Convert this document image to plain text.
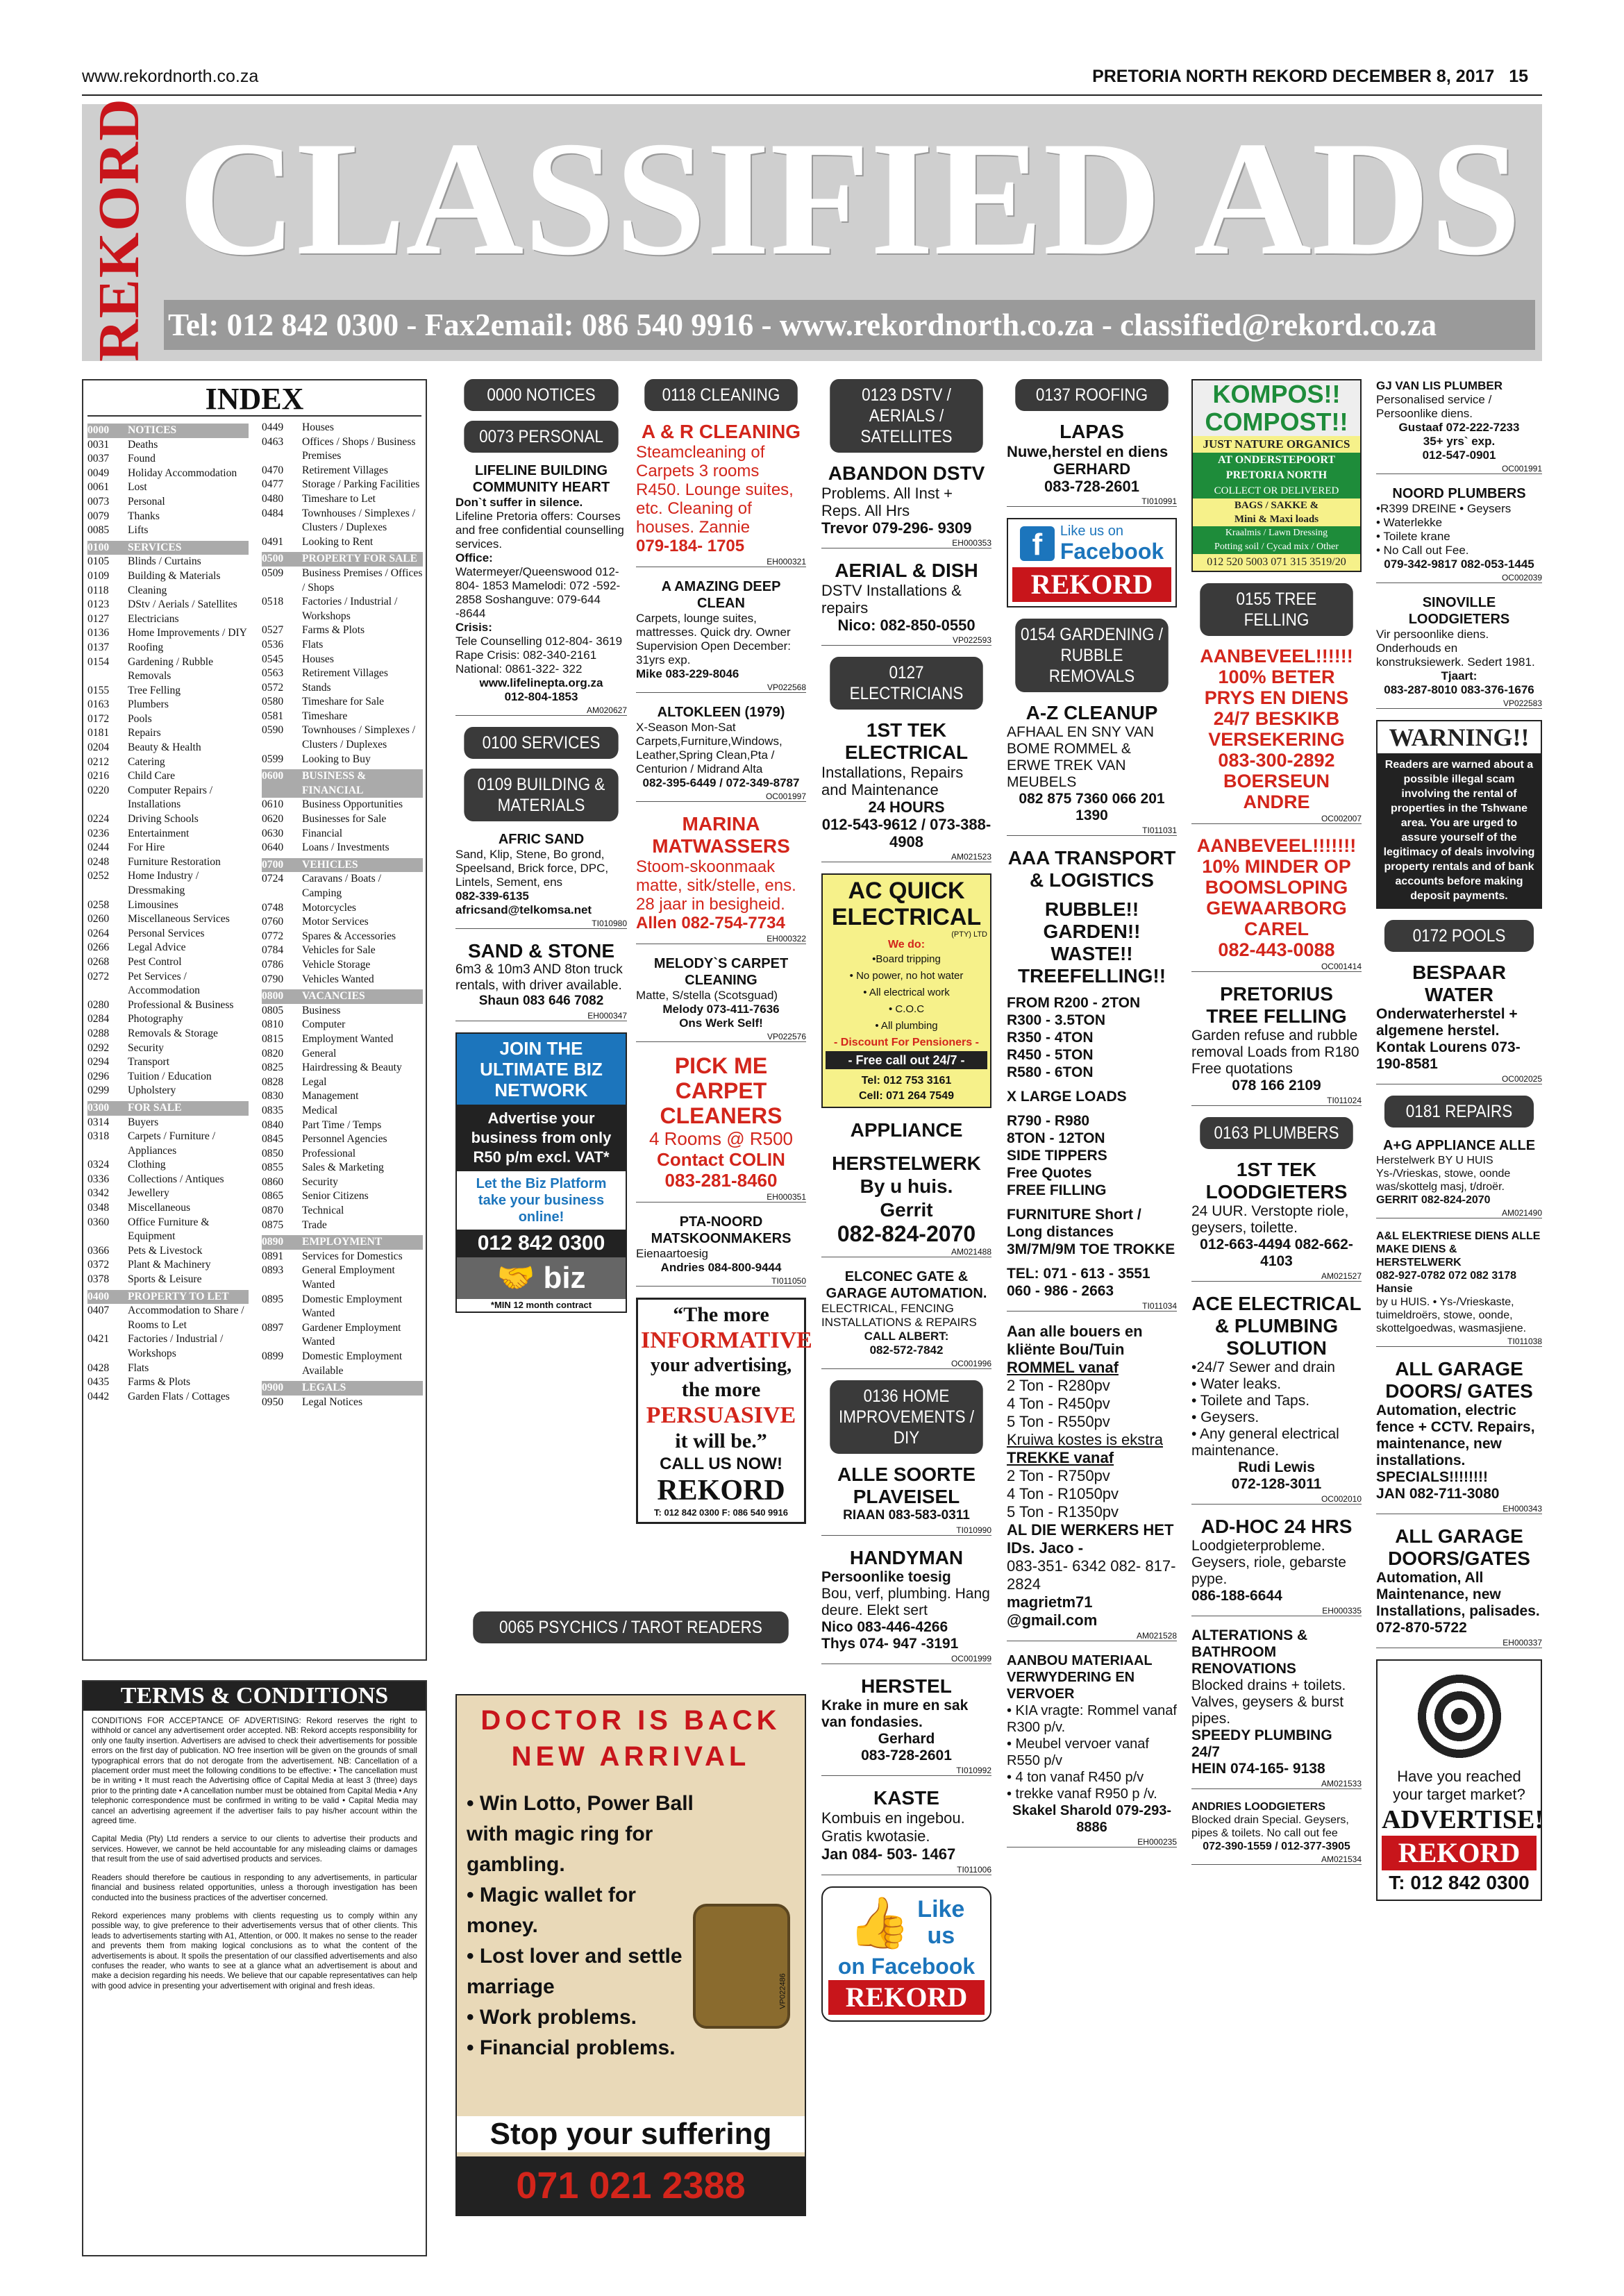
www.rekordnorth.co.za	PRETORIA NORTH REKORD DECEMBER 8, 2017 15
REKORD CLASSIFIED ADS
Tel: 012 842 0300 - Fax2email: 086 540 9916 - www.rekordnorth.co.za - classified@rekord.co.za
INDEX
0000	NOTICES
0031	Deaths
0037	Found
0049	Holiday Accommodation
0061	Lost
0073	Personal
0079	Thanks
0085	Lifts
0100	SERVICES
0105	Blinds / Curtains
0109	Building & Materials
0118	Cleaning
0123	DStv / Aerials / Satellites
0127	Electricians
0136	Home Improvements / DIY
0137	Roofing
0154	Gardening / Rubble Removals
0155	Tree Felling
0163	Plumbers
0172	Pools
0181	Repairs
0204	Beauty & Health
0212	Catering
0216	Child Care
0220	Computer Repairs / Installations
0224	Driving Schools
0236	Entertainment
0244	For Hire
0248	Furniture Restoration
0252	Home Industry / Dressmaking
0258	Limousines
0260	Miscellaneous Services
0264	Personal Services
0266	Legal Advice
0268	Pest Control
0272	Pet Services / Accommodation
0280	Professional & Business
0284	Photography
0288	Removals & Storage
0292	Security
0294	Transport
0296	Tuition / Education
0299	Upholstery
0300	FOR SALE
0314	Buyers
0318	Carpets / Furniture / Appliances
0324	Clothing
0336	Collections / Antiques
0342	Jewellery
0348	Miscellaneous
0360	Office Furniture & Equipment
0366	Pets & Livestock
0372	Plant & Machinery
0378	Sports & Leisure
0400	PROPERTY TO LET
0407	Accommodation to Share / Rooms to Let
0421	Factories / Industrial / Workshops
0428	Flats
0435	Farms & Plots
0442	Garden Flats / Cottages
0449	Houses
0463	Offices / Shops / Business Premises
0470	Retirement Villages
0477	Storage / Parking Facilities
0480	Timeshare to Let
0484	Townhouses / Simplexes / Clusters / Duplexes
0491	Looking to Rent
0500	PROPERTY FOR SALE
0509	Business Premises / Offices / Shops
0518	Factories / Industrial / Workshops
0527	Farms & Plots
0536	Flats
0545	Houses
0563	Retirement Villages
0572	Stands
0580	Timeshare for Sale
0581	Timeshare
0590	Townhouses / Simplexes / Clusters / Duplexes
0599	Looking to Buy
0600	BUSINESS & FINANCIAL
0610	Business Opportunities
0620	Businesses for Sale
0630	Financial
0640	Loans / Investments
0700	VEHICLES
0724	Caravans / Boats / Camping
0748	Motorcycles
0760	Motor Services
0772	Spares & Accessories
0784	Vehicles for Sale
0786	Vehicle Storage
0790	Vehicles Wanted
0800	VACANCIES
0805	Business
0810	Computer
0815	Employment Wanted
0820	General
0825	Hairdressing & Beauty
0828	Legal
0830	Management
0835	Medical
0840	Part Time / Temps
0845	Personnel Agencies
0850	Professional
0855	Sales & Marketing
0860	Security
0865	Senior Citizens
0870	Technical
0875	Trade
0890	EMPLOYMENT
0891	Services for Domestics
0893	General Employment Wanted
0895	Domestic Employment Wanted
0897	Gardener Employment Wanted
0899	Domestic Employment Available
0900	LEGALS
0950	Legal Notices
TERMS & CONDITIONS

CONDITIONS FOR ACCEPTANCE OF ADVERTISING: Rekord reserves the right to withhold or cancel any advertisement order accepted. NB: Rekord accepts responsibility for only one faulty insertion. Advertisers are advised to check their advertisements for possible errors on the first day of publication. NO free insertion will be given on the grounds of small typographical errors that do not derogate from the advertisement. NB: Cancellation of a placement order must meet the following conditions to be effective: • The cancellation must be in writing • It must reach the Advertising office of Capital Media at least 3 (three) days prior to the printing date • A cancellation number must be obtained from Capital Media • Any telephonic correspondence must be confirmed in writing to be valid • Capital Media may cancel an advertising agreement if the advertiser fails to pay his/her account within the agreed time.

Capital Media (Pty) Ltd renders a service to our clients to advertise their products and services. However, we cannot be held accountable for any misleading claims or damages that result from the use of said advertised products and services.

Readers should therefore be cautious in responding to any advertisements, in particular financial and business related opportunities, unless a thorough investigation has been conducted into the business practices of the advertiser concerned.

Rekord experiences many problems with clients requesting us to comply within any possible way, to give preference to their advertisements versus that of other clients. This leads to advertisements starting with A1, Attention, or 000. It makes no sense to the reader and prevents them from making logical conclusions as to what the content of the advertisements is about. It spoils the presentation of our classified advertisements and also confuses the reader, who wants to see at a glance what an advertisement is about and make a decision regarding his needs. We believe that our capable representatives can help with good advice in presenting your advertisement with original and fresh ideas.

0000 NOTICES
0073 PERSONAL
LIFELINE BUILDING COMMUNITY HEART
Don`t suffer in silence.
Lifeline Pretoria offers: Courses and free confidential counselling services.
Office:
Watermeyer/Queenswood 012-804- 1853 Mamelodi: 072 -592-2858 Soshanguve: 079-644 -8644
Crisis:
Tele Counselling 012-804- 3619 Rape Crisis: 082-340-2161 National: 0861-322- 322
www.lifelinepta.org.za
012-804-1853
AM020627
0100 SERVICES
0109 BUILDING & MATERIALS
AFRIC SAND
Sand, Klip, Stene, Bo grond, Speelsand, Brick force, DPC, Lintels, Sement, ens
082-339-6135
africsand@telkomsa.net
TI010980
SAND & STONE
6m3 & 10m3 AND 8ton truck rentals, with driver available.
Shaun 083 646 7082
EH000347
JOIN THE ULTIMATE BIZ NETWORK
Advertise your business from only R50 p/m excl. VAT*
Let the Biz Platform take your business online!
012 842 0300
🤝 biz
*MIN 12 month contract
0065 PSYCHICS / TAROT READERS
DOCTOR IS BACK NEW ARRIVAL
• Win Lotto, Power Ball with magic ring for gambling.
• Magic wallet for money.
• Lost lover and settle marriage
• Work problems.
• Financial problems.
VP022486
Stop your suffering
071 021 2388
0118 CLEANING
A & R CLEANING
Steamcleaning of Carpets 3 rooms R450. Lounge suites, etc. Cleaning of houses. Zannie
079-184- 1705
EH000321
A AMAZING DEEP CLEAN
Carpets, lounge suites, mattresses. Quick dry. Owner Supervision Open December: 31yrs exp.
Mike 083-229-8046
VP022568
ALTOKLEEN (1979)
X-Season Mon-Sat Carpets,Furniture,Windows, Leather,Spring Clean,Pta / Centurion / Midrand Alta
082-395-6449 / 072-349-8787
OC001997
MARINA MATWASSERS
Stoom-skoonmaak matte, sitk/stelle, ens. 28 jaar in besigheid.
Allen 082-754-7734
EH000322
MELODY`S CARPET CLEANING
Matte, S/stella (Scotsguad)
Melody 073-411-7636
Ons Werk Self!
VP022576
PICK ME CARPET CLEANERS
4 Rooms @ R500
Contact COLIN
083-281-8460
EH000351
PTA-NOORD MATSKOONMAKERS
Eienaartoesig
Andries 084-800-9444
TI011050
“The more
INFORMATIVE
your advertising,
the more
PERSUASIVE
it will be.”
CALL US NOW!
REKORD
T: 012 842 0300 F: 086 540 9916
0123 DSTV / AERIALS / SATELLITES
ABANDON DSTV
Problems. All Inst + Reps. All Hrs
Trevor 079-296- 9309
EH000353
AERIAL & DISH
DSTV Installations & repairs
Nico: 082-850-0550
VP022593
0127 ELECTRICIANS
1ST TEK ELECTRICAL
Installations, Repairs and Maintenance
24 HOURS
012-543-9612 / 073-388-4908
AM021523
AC QUICK ELECTRICAL
(PTY) LTD
We do:
•Board tripping
• No power, no hot water
• All electrical work
• C.O.C
• All plumbing
- Discount For Pensioners -
- Free call out 24/7 -
Tel: 012 753 3161
Cell: 071 264 7549
APPLIANCE
HERSTELWERK
By u huis.
Gerrit
082-824-2070
AM021488
ELCONEC GATE & GARAGE AUTOMATION.
ELECTRICAL, FENCING INSTALLATIONS & REPAIRS
CALL ALBERT:
082-572-7842
OC001996
0136 HOME IMPROVEMENTS / DIY
ALLE SOORTE PLAVEISEL
RIAAN 083-583-0311
TI010990
HANDYMAN
Persoonlike toesig
Bou, verf, plumbing. Hang deure. Elekt sert
Nico 083-446-4266
Thys 074- 947 -3191
OC001999
HERSTEL
Krake in mure en sak van fondasies.
Gerhard
083-728-2601
TI010992
KASTE
Kombuis en ingebou. Gratis kwotasie.
Jan 084- 503- 1467
TI011006
👍 Like
us
on Facebook
REKORD
0137 ROOFING
LAPAS
Nuwe,herstel en diens
GERHARD
083-728-2601
TI010991
f	Like us on
Facebook
REKORD
0154 GARDENING / RUBBLE REMOVALS
A-Z CLEANUP
AFHAAL EN SNY VAN BOME ROMMEL & ERWE TREK VAN MEUBELS
082 875 7360 066 201 1390
TI011031
AAA TRANSPORT & LOGISTICS
RUBBLE!! GARDEN!! WASTE!! TREEFELLING!!
FROM R200 - 2TON
R300 - 3.5TON
R350 - 4TON
R450 - 5TON
R580 - 6TON
X LARGE LOADS
R790 - R980
8TON - 12TON
SIDE TIPPERS
Free Quotes
FREE FILLING
FURNITURE Short / Long distances 3M/7M/9M TOE TROKKE
TEL: 071 - 613 - 3551 060 - 986 - 2663
TI011034
Aan alle bouers en kliënte Bou/Tuin
ROMMEL vanaf
2 Ton - R280pv
4 Ton - R450pv
5 Ton - R550pv
Kruiwa kostes is ekstra
TREKKE vanaf
2 Ton - R750pv
4 Ton - R1050pv
5 Ton - R1350pv
AL DIE WERKERS HET IDs. Jaco -
083-351- 6342 082- 817- 2824
magrietm71 @gmail.com
AM021528
AANBOU MATERIAAL VERWYDERING EN VERVOER
• KIA vragte: Rommel vanaf R300 p/v.
• Meubel vervoer vanaf R550 p/v
• 4 ton vanaf R450 p/v
• trekke vanaf R950 p /v.
Skakel Sharold 079-293- 8886
EH000235
KOMPOS!!
COMPOST!!
JUST NATURE ORGANICS
AT ONDERSTEPOORT
PRETORIA NORTH
COLLECT OR DELIVERED
BAGS / SAKKE &
Mini & Maxi loads
Kraalmis / Lawn Dressing
Potting soil / Cycad mix / Other
012 520 5003 071 315 3519/20
0155 TREE FELLING
AANBEVEEL!!!!!! 100% BETER PRYS EN DIENS 24/7 BESKIKB VERSEKERING
083-300-2892
BOERSEUN ANDRE
OC002007
AANBEVEEL!!!!!!! 10% MINDER OP BOOMSLOPING GEWAARBORG CAREL
082-443-0088
OC001414
PRETORIUS TREE FELLING
Garden refuse and rubble removal Loads from R180 Free quotations
078 166 2109
TI011024
0163 PLUMBERS
1ST TEK LOODGIETERS
24 UUR. Verstopte riole, geysers, toilette.
012-663-4494 082-662-4103
AM021527
ACE ELECTRICAL & PLUMBING SOLUTION
•24/7 Sewer and drain
• Water leaks.
• Toilete and Taps.
• Geysers.
• Any general electrical maintenance.
Rudi Lewis
072-128-3011
OC002010
AD-HOC 24 HRS
Loodgieterprobleme. Geysers, riole, gebarste pype.
086-188-6644
EH000335
ALTERATIONS & BATHROOM RENOVATIONS
Blocked drains + toilets. Valves, geysers & burst pipes.
SPEEDY PLUMBING 24/7
HEIN 074-165- 9138
AM021533
ANDRIES LOODGIETERS
Blocked drain Special. Geysers, pipes & toilets. No call out fee
072-390-1559 / 012-377-3905
AM021534
GJ VAN LIS PLUMBER
Personalised service / Persoonlike diens.
Gustaaf 072-222-7233
35+ yrs` exp.
012-547-0901
OC001991
NOORD PLUMBERS
•R399 DREINE • Geysers
• Waterlekke
• Toilete krane
• No Call out Fee.
079-342-9817 082-053-1445
OC002039
SINOVILLE LOODGIETERS
Vir persoonlike diens. Onderhouds en konstruksiewerk. Sedert 1981.
Tjaart:
083-287-8010 083-376-1676
VP022583
WARNING!!
Readers are warned about a possible illegal scam involving the rental of properties in the Tshwane area. You are urged to assure yourself of the legitimacy of deals involving property rentals and of bank accounts before making deposit payments.
0172 POOLS
BESPAAR WATER
Onderwaterherstel + algemene herstel.
Kontak Lourens 073-190-8581
OC002025
0181 REPAIRS
A+G APPLIANCE ALLE
Herstelwerk BY U HUIS Ys-/Vrieskas, stowe, oonde was/skottelg masj, t/droër.
GERRIT 082-824-2070
AM021490
A&L ELEKTRIESE DIENS ALLE MAKE DIENS & HERSTELWERK
082-927-0782 072 082 3178 Hansie
by u HUIS. • Ys-/Vrieskaste, tuimeldroërs, stowe, oonde, skottelgoedwas, wasmasjiene.
TI011038
ALL GARAGE DOORS/ GATES
Automation, electric fence + CCTV. Repairs, maintenance, new installations. SPECIALS!!!!!!!!
JAN 082-711-3080
EH000343
ALL GARAGE DOORS/GATES
Automation, All Maintenance, new Installations, palisades.
072-870-5722
EH000337
Have you reached your target market?
ADVERTISE!
REKORD
T: 012 842 0300
